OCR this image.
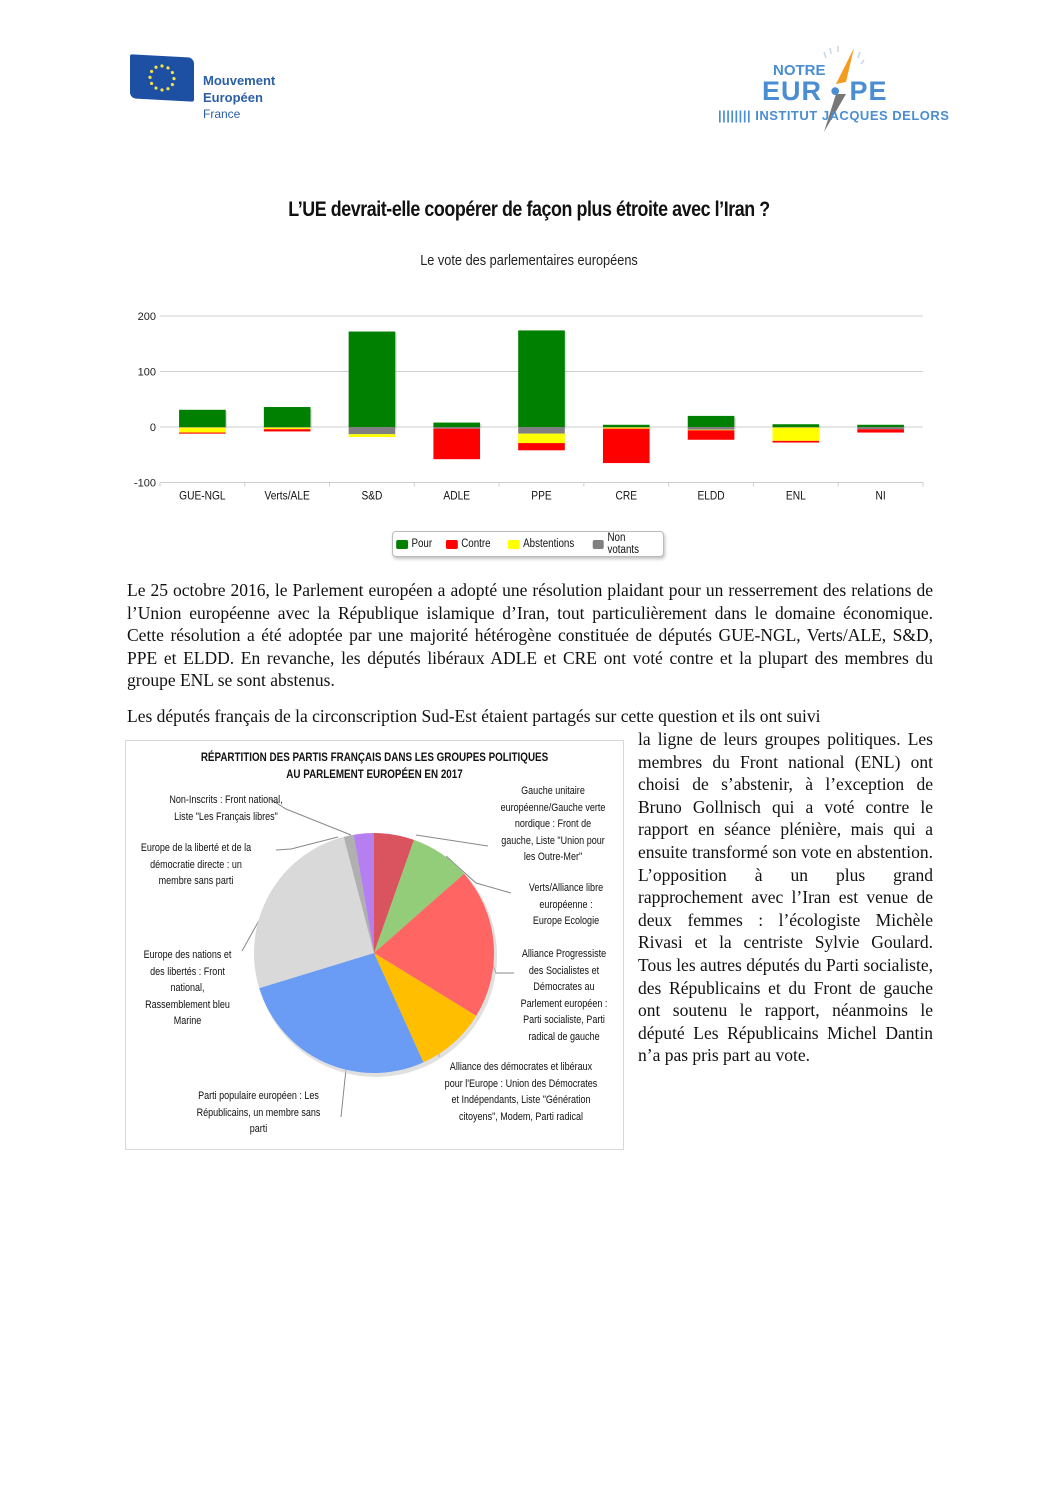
Mouvement
Européen
France
NOTRE
EUR • PE
|||||||| INSTITUT JACQUES DELORS
L’UE devrait-elle coopérer de façon plus étroite avec l’Iran ?
Le vote des parlementaires européens
-100
0
100
200
GUE-NGL	Verts/ALE	S&D	ADLE	PPE	CRE	ELDD	ENL	NI
Pour	Contre	Abstentions	Non votants

Le 25 octobre 2016, le Parlement européen a adopté une résolution plaidant pour un resserrement des relations de l’Union européenne avec la République islamique d’Iran, tout particulièrement dans le domaine économique. Cette résolution a été adoptée par une majorité hétérogène constituée de députés GUE-NGL, Verts/ALE, S&D, PPE et ELDD. En revanche, les députés libéraux ADLE et CRE ont voté contre et la plupart des membres du groupe ENL se sont abstenus.

Les députés français de la circonscription Sud-Est étaient partagés sur cette question et ils ont suivi

la ligne de leurs groupes politiques. Les membres du Front national (ENL) ont choisi de s’abstenir, à l’exception de Bruno Gollnisch qui a voté contre le rapport en séance plénière, mais qui a ensuite transformé son vote en abstention. L’opposition à un plus grand rapprochement avec l’Iran est venue de deux femmes : l’écologiste Michèle Rivasi et la centriste Sylvie Goulard. Tous les autres députés du Parti socialiste, des Républicains et du Front de gauche ont soutenu le rapport, néanmoins le député Les Républicains Michel Dantin n’a pas pris part au vote.

RÉPARTITION DES PARTIS FRANÇAIS DANS LES GROUPES POLITIQUES
AU PARLEMENT EUROPÉEN EN 2017
Non-Inscrits : Front national, Liste "Les Français libres"
Europe de la liberté et de la démocratie directe : un membre sans parti
Europe des nations et des libertés : Front national, Rassemblement bleu Marine
Parti populaire européen : Les Républicains, un membre sans parti
Gauche unitaire européenne/Gauche verte nordique : Front de gauche, Liste "Union pour les Outre-Mer"
Verts/Alliance libre européenne : Europe Ecologie
Alliance Progressiste des Socialistes et Démocrates au Parlement européen : Parti socialiste, Parti radical de gauche
Alliance des démocrates et libéraux pour l'Europe : Union des Démocrates et Indépendants, Liste "Génération citoyens", Modem, Parti radical
